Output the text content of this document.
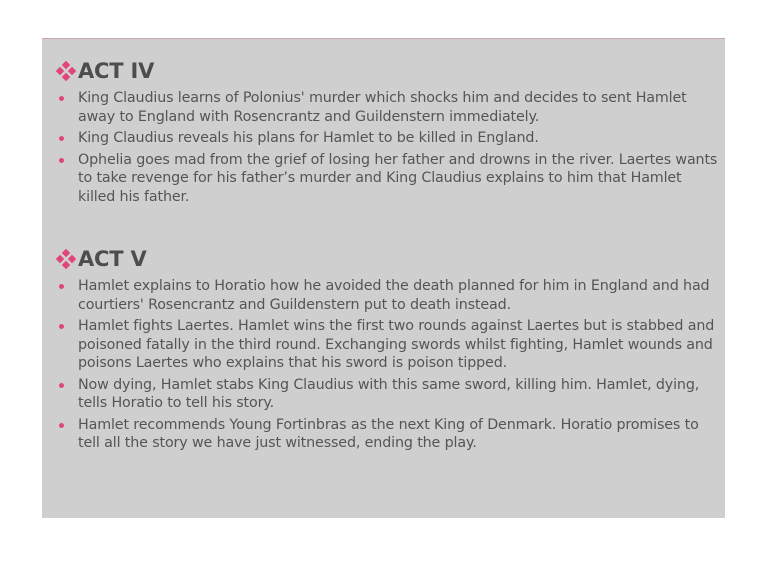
ACT IV
King Claudius learns of Polonius' murder which shocks him and decides to sent Hamlet away to England with Rosencrantz and Guildenstern immediately.
King Claudius reveals his plans for Hamlet to be killed in England.
Ophelia goes mad from the grief of losing her father and drowns in the river. Laertes wants to take revenge for his father’s murder and King Claudius explains to him that Hamlet killed his father.
ACT V
Hamlet explains to Horatio how he avoided the death planned for him in England and had courtiers' Rosencrantz and Guildenstern put to death instead.
Hamlet fights Laertes. Hamlet wins the first two rounds against Laertes but is stabbed and poisoned fatally in the third round. Exchanging swords whilst fighting, Hamlet wounds and poisons Laertes who explains that his sword is poison tipped.
Now dying, Hamlet stabs King Claudius with this same sword, killing him. Hamlet, dying, tells Horatio to tell his story.
Hamlet recommends Young Fortinbras as the next King of Denmark. Horatio promises to tell all the story we have just witnessed, ending the play.
